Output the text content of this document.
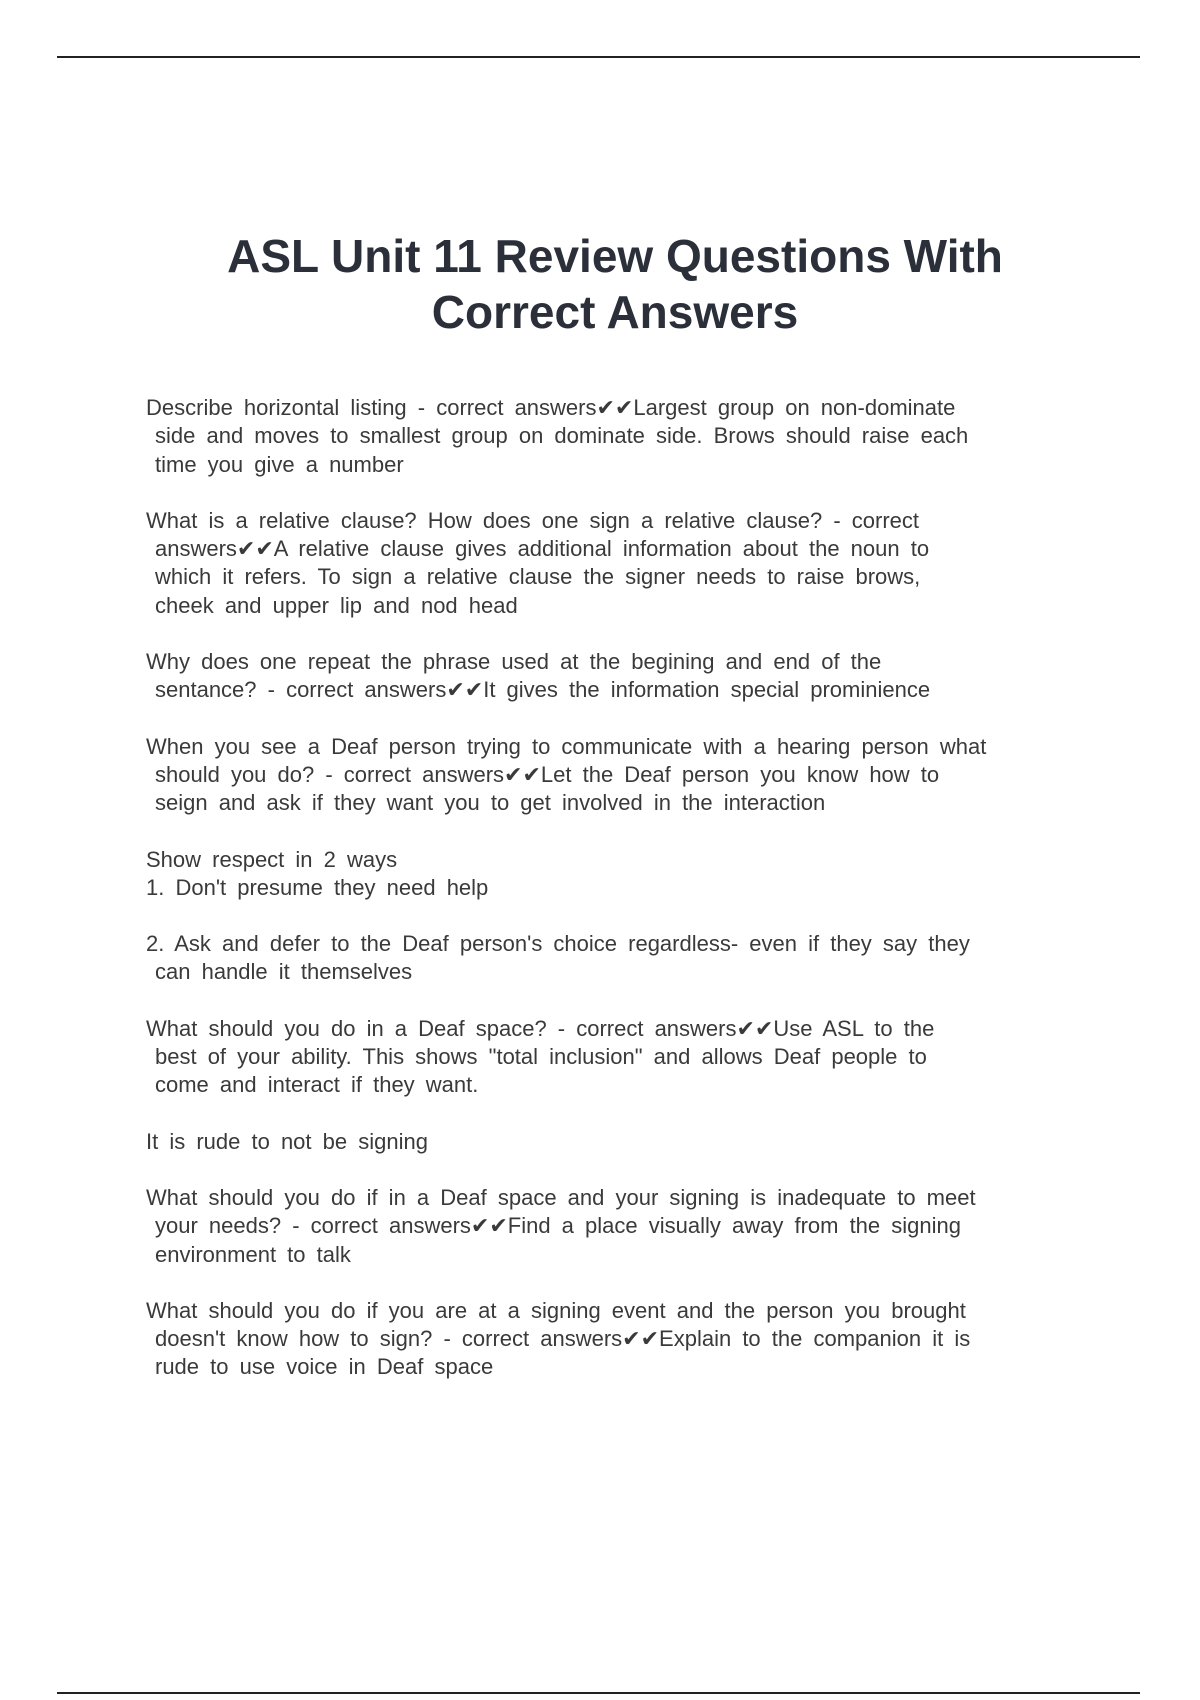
ASL Unit 11 Review Questions With
Correct Answers

Describe horizontal listing - correct answers✔✔Largest group on non-dominate
side and moves to smallest group on dominate side. Brows should raise each
time you give a number

What is a relative clause? How does one sign a relative clause? - correct
answers✔✔A relative clause gives additional information about the noun to
which it refers. To sign a relative clause the signer needs to raise brows,
cheek and upper lip and nod head

Why does one repeat the phrase used at the begining and end of the
sentance? - correct answers✔✔It gives the information special prominience

When you see a Deaf person trying to communicate with a hearing person what
should you do? - correct answers✔✔Let the Deaf person you know how to
seign and ask if they want you to get involved in the interaction

Show respect in 2 ways

1. Don't presume they need help

2. Ask and defer to the Deaf person's choice regardless- even if they say they
can handle it themselves

What should you do in a Deaf space? - correct answers✔✔Use ASL to the
best of your ability. This shows "total inclusion" and allows Deaf people to
come and interact if they want.

It is rude to not be signing

What should you do if in a Deaf space and your signing is inadequate to meet
your needs? - correct answers✔✔Find a place visually away from the signing
environment to talk

What should you do if you are at a signing event and the person you brought
doesn't know how to sign? - correct answers✔✔Explain to the companion it is
rude to use voice in Deaf space
